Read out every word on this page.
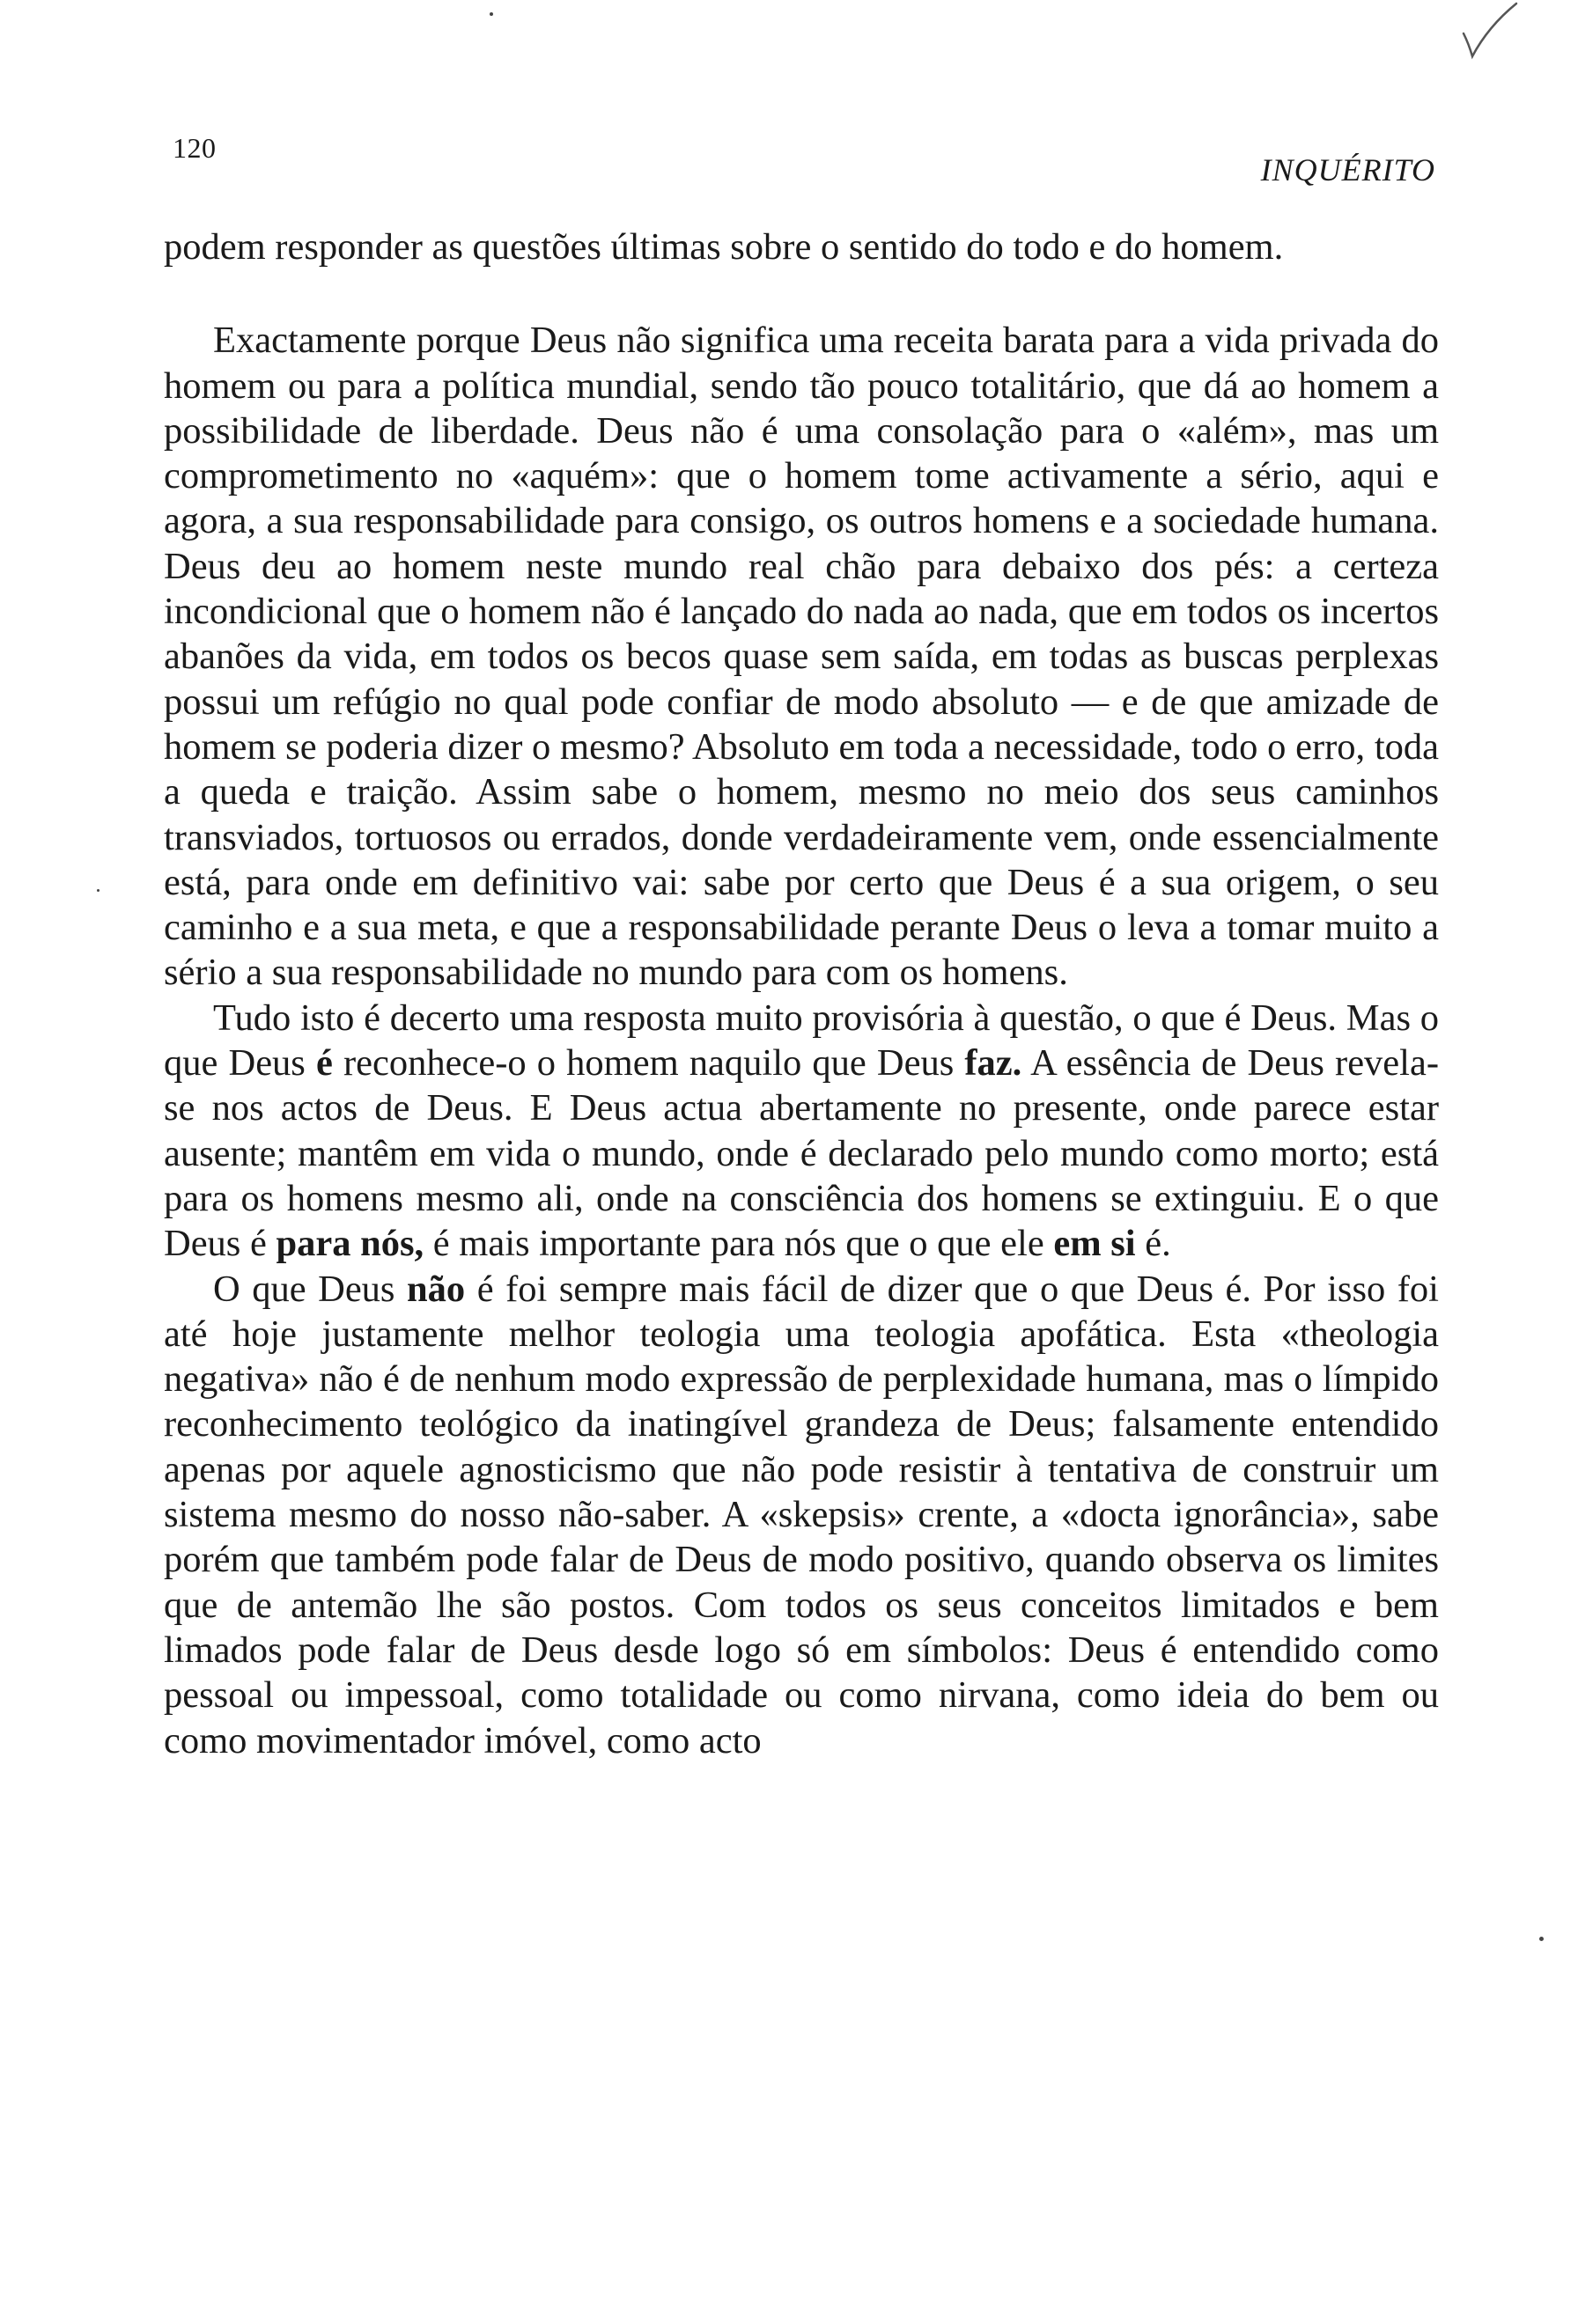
120
INQUÉRITO

podem responder as questões últimas sobre o sentido do todo e do homem.

Exactamente porque Deus não significa uma receita barata para a vida privada do homem ou para a política mundial, sendo tão pouco totalitário, que dá ao homem a possibilidade de liberdade. Deus não é uma consolação para o «além», mas um comprometimento no «aquém»: que o homem tome activamente a sério, aqui e agora, a sua responsabilidade para consigo, os outros homens e a sociedade humana. Deus deu ao homem neste mundo real chão para debaixo dos pés: a certeza incondicional que o homem não é lançado do nada ao nada, que em todos os incertos abanões da vida, em todos os becos quase sem saída, em todas as buscas perplexas possui um refúgio no qual pode confiar de modo absoluto — e de que amizade de homem se poderia dizer o mesmo? Absoluto em toda a necessidade, todo o erro, toda a queda e traição. Assim sabe o homem, mesmo no meio dos seus caminhos transviados, tortuosos ou errados, donde verdadeiramente vem, onde essencialmente está, para onde em definitivo vai: sabe por certo que Deus é a sua origem, o seu caminho e a sua meta, e que a responsabilidade perante Deus o leva a tomar muito a sério a sua responsabilidade no mundo para com os homens.

Tudo isto é decerto uma resposta muito provisória à questão, o que é Deus. Mas o que Deus é reconhece-o o homem naquilo que Deus faz. A essência de Deus revela-se nos actos de Deus. E Deus actua abertamente no presente, onde parece estar ausente; mantêm em vida o mundo, onde é declarado pelo mundo como morto; está para os homens mesmo ali, onde na consciência dos homens se extinguiu. E o que Deus é para nós, é mais importante para nós que o que ele em si é.

O que Deus não é foi sempre mais fácil de dizer que o que Deus é. Por isso foi até hoje justamente melhor teologia uma teologia apofática. Esta «theologia negativa» não é de nenhum modo expressão de perplexidade humana, mas o límpido reconhecimento teológico da inatingível grandeza de Deus; falsamente entendido apenas por aquele agnosticismo que não pode resistir à tentativa de construir um sistema mesmo do nosso não-saber. A «skepsis» crente, a «docta ignorância», sabe porém que também pode falar de Deus de modo positivo, quando observa os limites que de antemão lhe são postos. Com todos os seus conceitos limitados e bem limados pode falar de Deus desde logo só em símbolos: Deus é entendido como pessoal ou impessoal, como totalidade ou como nirvana, como ideia do bem ou como movimentador imóvel, como acto
